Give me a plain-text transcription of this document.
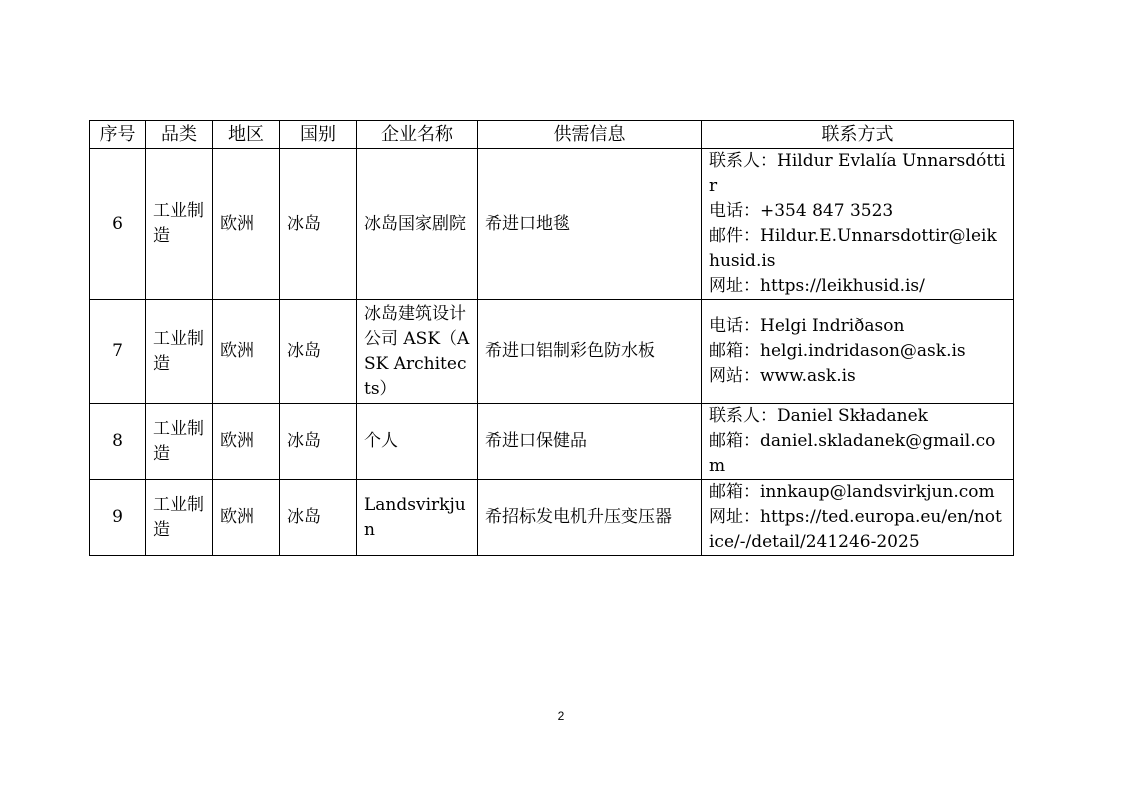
序号	品类	地区	国别	企业名称	供需信息	联系方式
6	工业制造	欧洲	冰岛	冰岛国家剧院	希进口地毯	联系人：Hildur Evlalía Unnarsdóttir
电话：+354 847 3523
邮件：Hildur.E.Unnarsdottir@leikhusid.is
网址：https://leikhusid.is/

7	工业制造	欧洲	冰岛	冰岛建筑设计公司 ASK（ASK Architects）	希进口铝制彩色防水板	电话：Helgi Indriðason
邮箱：helgi.indridason@ask.is
网站：www.ask.is

8	工业制造	欧洲	冰岛	个人	希进口保健品	联系人：Daniel Składanek
邮箱：daniel.skladanek@gmail.com

9	工业制造	欧洲	冰岛	Landsvirkjun	希招标发电机升压变压器	邮箱：innkaup@landsvirkjun.com
网址：https://ted.europa.eu/en/notice/-/detail/241246-2025
2
